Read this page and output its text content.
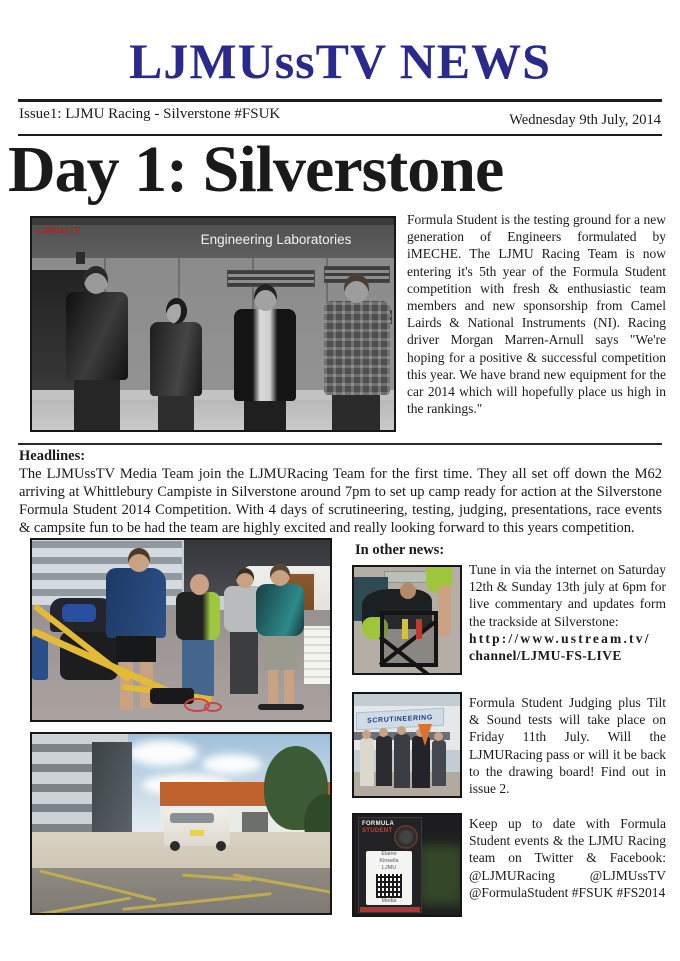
LJMUssTV NEWS
Issue1: LJMU Racing - Silverstone #FSUK	Wednesday 9th July, 2014
Day 1: Silverstone
Engineering Laboratories
LJMUssTV
Formula Student is the testing ground for a new generation of Engineers formulated by iMECHE. The LJMU Racing Team is now entering it's 5th year of the Formula Student competition with fresh & enthusiastic team members and new sponsorship from Camel Lairds & National Instruments (NI). Racing driver Morgan Marren-Arnull says "We're hoping for a positive & successful competition this year. We have brand new equipment for the car 2014 which will hopefully place us high in the rankings."
Headlines:
The LJMUssTV Media Team join the LJMURacing Team for the first time. They all set off down the M62 arriving at Whittlebury Campiste in Silverstone around 7pm to set up camp ready for action at the Silverstone Formula Student 2014 Competition. With 4 days of scrutineering, testing, judging, presentations, race events & campsite fun to be had the team are highly excited and really looking forward to this years competition.
In other news:
Tune in via the internet on Saturday 12th & Sunday 13th july at 6pm for live commentary and updates form the trackside at Silverstone:
http://www.ustream.tv/
channel/LJMU-FS-LIVE
SCRUTINEERING
Formula Student Judging plus Tilt & Sound tests will take place on Friday 11th July. Will the LJMURacing pass or will it be back to the drawing board! Find out in issue 2.
FORMULA
STUDENT
Elaine
Kinsella
LJMU
Media
Keep up to date with Formula Student events & the LJMU Racing team on Twitter & Facebook: @LJMURacing @LJMUssTV @FormulaStudent #FSUK #FS2014
